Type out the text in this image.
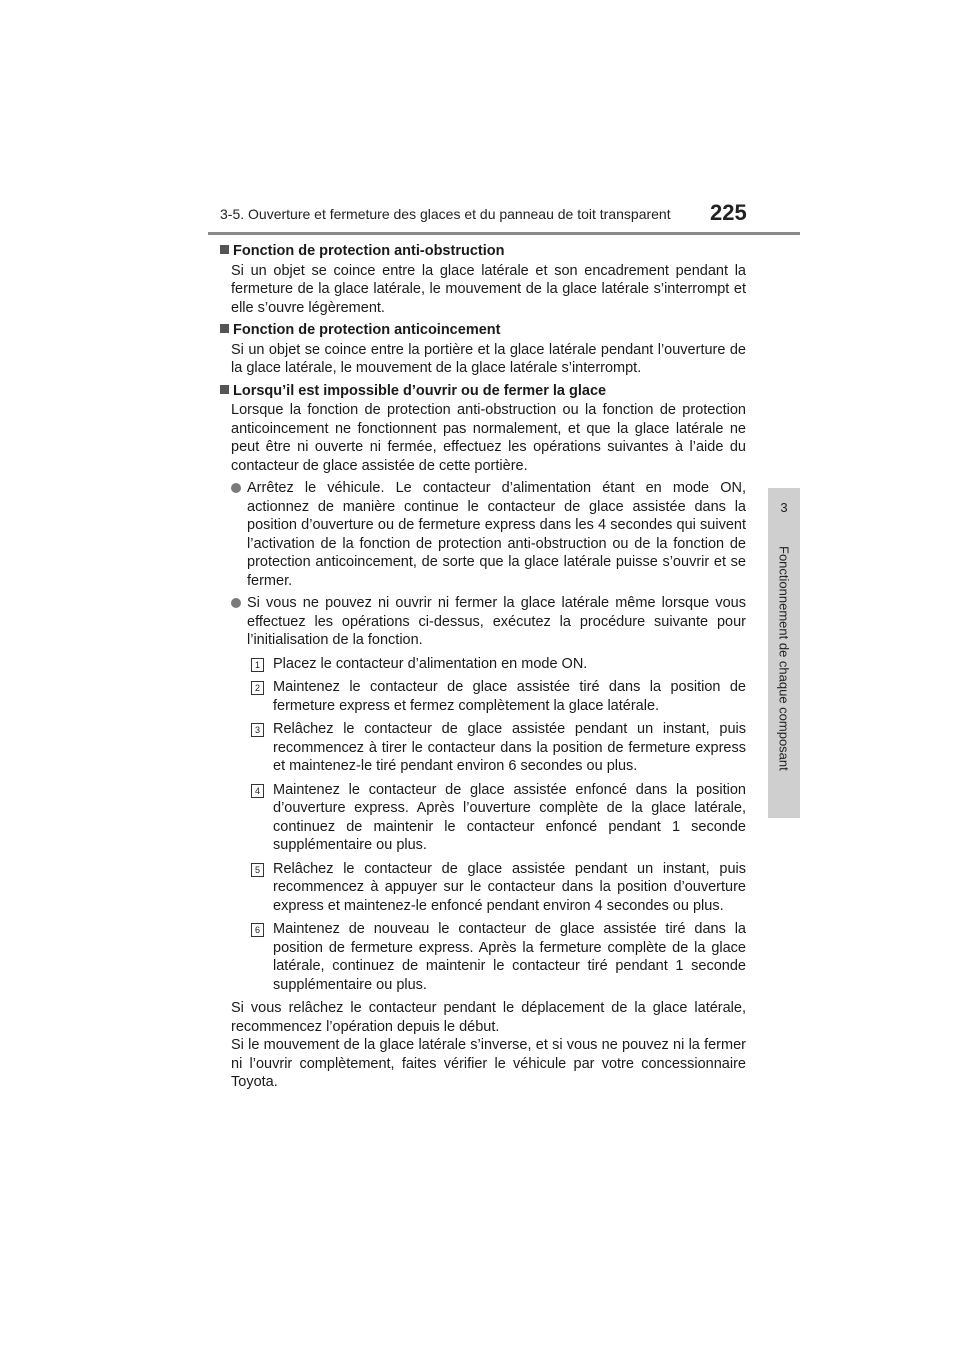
3-5. Ouverture et fermeture des glaces et du panneau de toit transparent 225
3
Fonctionnement de chaque composant
Fonction de protection anti-obstruction
Si un objet se coince entre la glace latérale et son encadrement pendant la fermeture de la glace latérale, le mouvement de la glace latérale s’interrompt et elle s’ouvre légèrement.
Fonction de protection anticoincement
Si un objet se coince entre la portière et la glace latérale pendant l’ouverture de la glace latérale, le mouvement de la glace latérale s’interrompt.
Lorsqu’il est impossible d’ouvrir ou de fermer la glace
Lorsque la fonction de protection anti-obstruction ou la fonction de protection anticoincement ne fonctionnent pas normalement, et que la glace latérale ne peut être ni ouverte ni fermée, effectuez les opérations suivantes à l’aide du contacteur de glace assistée de cette portière.
Arrêtez le véhicule. Le contacteur d’alimentation étant en mode ON, actionnez de manière continue le contacteur de glace assistée dans la position d’ouverture ou de fermeture express dans les 4 secondes qui suivent l’activation de la fonction de protection anti-obstruction ou de la fonction de protection anticoincement, de sorte que la glace latérale puisse s’ouvrir et se fermer.
Si vous ne pouvez ni ouvrir ni fermer la glace latérale même lorsque vous effectuez les opérations ci-dessus, exécutez la procédure suivante pour l’initialisation de la fonction.
1 Placez le contacteur d’alimentation en mode ON.
2 Maintenez le contacteur de glace assistée tiré dans la position de fermeture express et fermez complètement la glace latérale.
3 Relâchez le contacteur de glace assistée pendant un instant, puis recommencez à tirer le contacteur dans la position de fermeture express et maintenez-le tiré pendant environ 6 secondes ou plus.
4 Maintenez le contacteur de glace assistée enfoncé dans la position d’ouverture express. Après l’ouverture complète de la glace latérale, continuez de maintenir le contacteur enfoncé pendant 1 seconde supplémentaire ou plus.
5 Relâchez le contacteur de glace assistée pendant un instant, puis recommencez à appuyer sur le contacteur dans la position d’ouverture express et maintenez-le enfoncé pendant environ 4 secondes ou plus.
6 Maintenez de nouveau le contacteur de glace assistée tiré dans la position de fermeture express. Après la fermeture complète de la glace latérale, continuez de maintenir le contacteur tiré pendant 1 seconde supplémentaire ou plus.
Si vous relâchez le contacteur pendant le déplacement de la glace latérale, recommencez l’opération depuis le début.
Si le mouvement de la glace latérale s’inverse, et si vous ne pouvez ni la fermer ni l’ouvrir complètement, faites vérifier le véhicule par votre concessionnaire Toyota.
